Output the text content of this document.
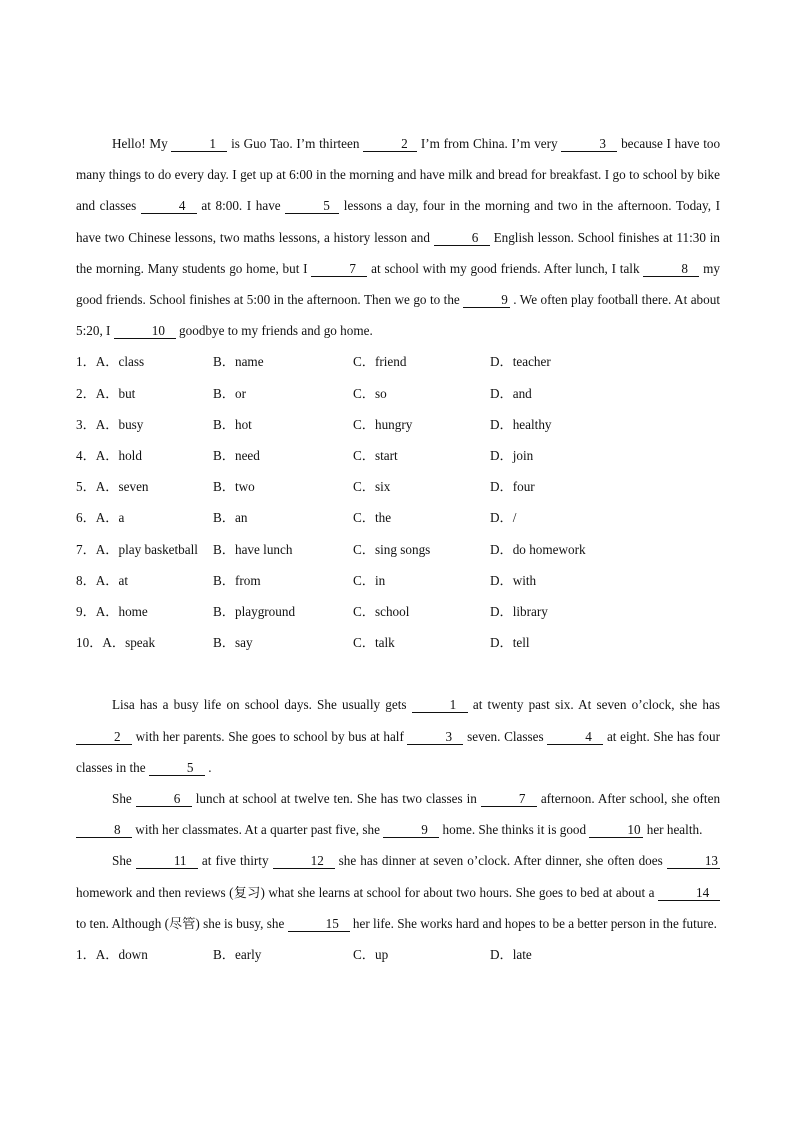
Hello! My	1 is Guo Tao. I’m thirteen	2 I’m from China. I’m very	3 because I have too many things to do every day. I get up at 6:00 in the morning and have milk and bread for breakfast. I go to school by bike and classes	4 at 8:00. I have	5 lessons a day, four in the morning and two in the afternoon. Today, I have two Chinese lessons, two maths lessons, a history lesson and	6 English lesson. School finishes at 11:30 in the morning. Many students go home, but I	7 at school with my good friends. After lunch, I talk	8 my good friends. School finishes at 5:00 in the afternoon. Then we go to the	9 . We often play football there. At about 5:20, I	10 goodbye to my friends and go home.

1．A．class	B．name	C．friend	D．teacher
2．A．but	B．or	C．so	D．and
3．A．busy	B．hot	C．hungry	D．healthy
4．A．hold	B．need	C．start	D．join
5．A．seven	B．two	C．six	D．four
6．A．a	B．an	C．the	D．/
7．A．play basketball B．have lunch	C．sing songs	D．do homework
8．A．at	B．from	C．in	D．with
9．A．home	B．playground	C．school	D．library
10．A．speak	B．say	C．talk	D．tell

Lisa has a busy life on school days. She usually gets	1 at twenty past six. At seven o’clock, she has 2 with her parents. She goes to school by bus at half	3 seven. Classes	4 at eight. She has four classes in the	5 .

She	6 lunch at school at twelve ten. She has two classes in	7 afternoon. After school, she often 8 with her classmates. At a quarter past five, she	9 home. She thinks it is good	10 her health.

She	11 at five thirty	12 she has dinner at seven o’clock. After dinner, she often does	13 homework and then reviews (复习) what she learns at school for about two hours. She goes to bed at about a	14 to ten. Although (尽管) she is busy, she	15 her life. She works hard and hopes to be a better person in the future.

1．A．down	B．early	C．up	D．late
